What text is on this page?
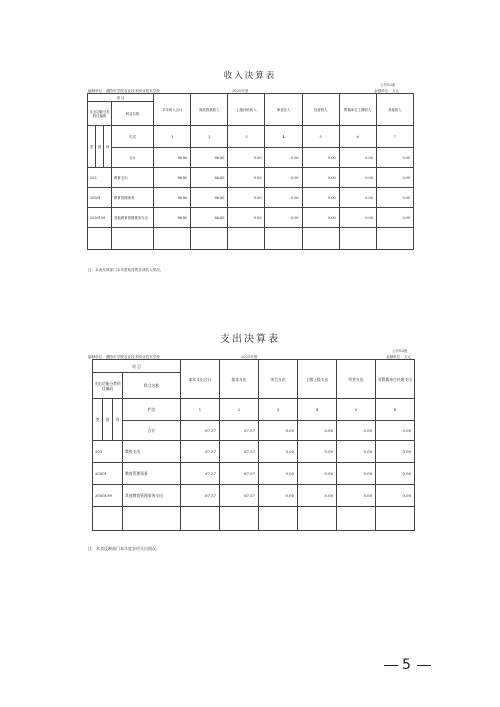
收入决算表
公开02表
编制单位：濮阳市学院农业技术职业技术学校	2021年度	金额单位：万元
项 目				本年收入合计	财政拨款收入	上级补助收入	事业收入	经营收入	附属单位上缴收入	其他收入
支出功能分类科目编码			科目名称							
类	款	项	栏次	1	2	3	4	5	6	7
			合计	86.80	86.80	0.00	0.00	0.00	0.00	0.00
205			教育支出	86.80	86.80	0.00	0.00	0.00	0.00	0.00
20501			教育管理事务	86.80	86.80	0.00	0.00	0.00	0.00	0.00
2050199			其他教育管理事务支出	86.80	86.80	0.00	0.00	0.00	0.00	0.00

注：本表反映部门本年度取得的各项收入情况。
支出决算表
公开03表
编制单位：濮阳市学院农业技术职业技术学校	2021年度	金额单位：万元
项 目				本年支出合计	基本支出	项目支出	上缴上级支出	经营支出	对附属单位补助支出
支出功能分类科目编码			科目名称						
类	款	项	栏次	1	2	3	4	5	6
			合计	67.57	67.57	0.00	0.00	0.00	0.00
205			教育支出	67.57	67.57	0.00	0.00	0.00	0.00
20501			教育管理事务	67.57	67.57	0.00	0.00	0.00	0.00
2050199			其他教育管理事务支出	67.57	67.57	0.00	0.00	0.00	0.00

注：本表反映部门本年度各项支出情况。
5
